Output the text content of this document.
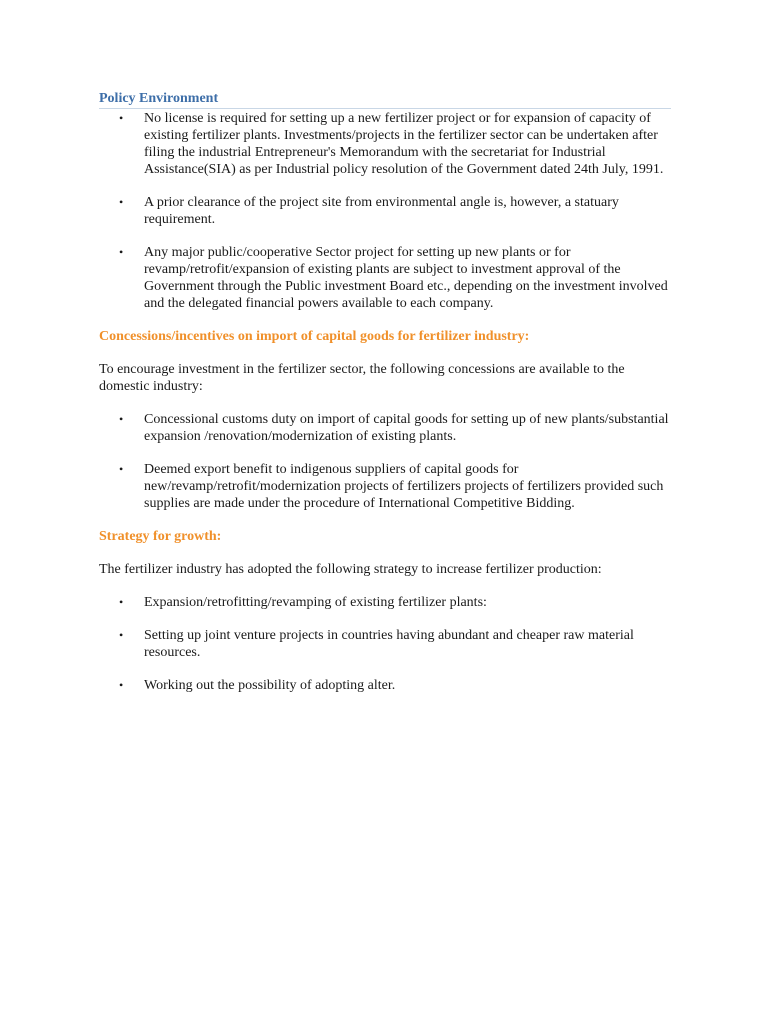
Policy Environment
• No license is required for setting up a new fertilizer project or for expansion of capacity of existing fertilizer plants. Investments/projects in the fertilizer sector can be undertaken after filing the industrial Entrepreneur's Memorandum with the secretariat for Industrial Assistance(SIA) as per Industrial policy resolution of the Government dated 24th July, 1991.
• A prior clearance of the project site from environmental angle is, however, a statuary requirement.
• Any major public/cooperative Sector project for setting up new plants or for revamp/retrofit/expansion of existing plants are subject to investment approval of the Government through the Public investment Board etc., depending on the investment involved and the delegated financial powers available to each company.
Concessions/incentives on import of capital goods for fertilizer industry:

To encourage investment in the fertilizer sector, the following concessions are available to the domestic industry:

• Concessional customs duty on import of capital goods for setting up of new plants/substantial expansion /renovation/modernization of existing plants.
• Deemed export benefit to indigenous suppliers of capital goods for new/revamp/retrofit/modernization projects of fertilizers projects of fertilizers provided such supplies are made under the procedure of International Competitive Bidding.
Strategy for growth:

The fertilizer industry has adopted the following strategy to increase fertilizer production:

• Expansion/retrofitting/revamping of existing fertilizer plants:
• Setting up joint venture projects in countries having abundant and cheaper raw material resources.
• Working out the possibility of adopting alter.
